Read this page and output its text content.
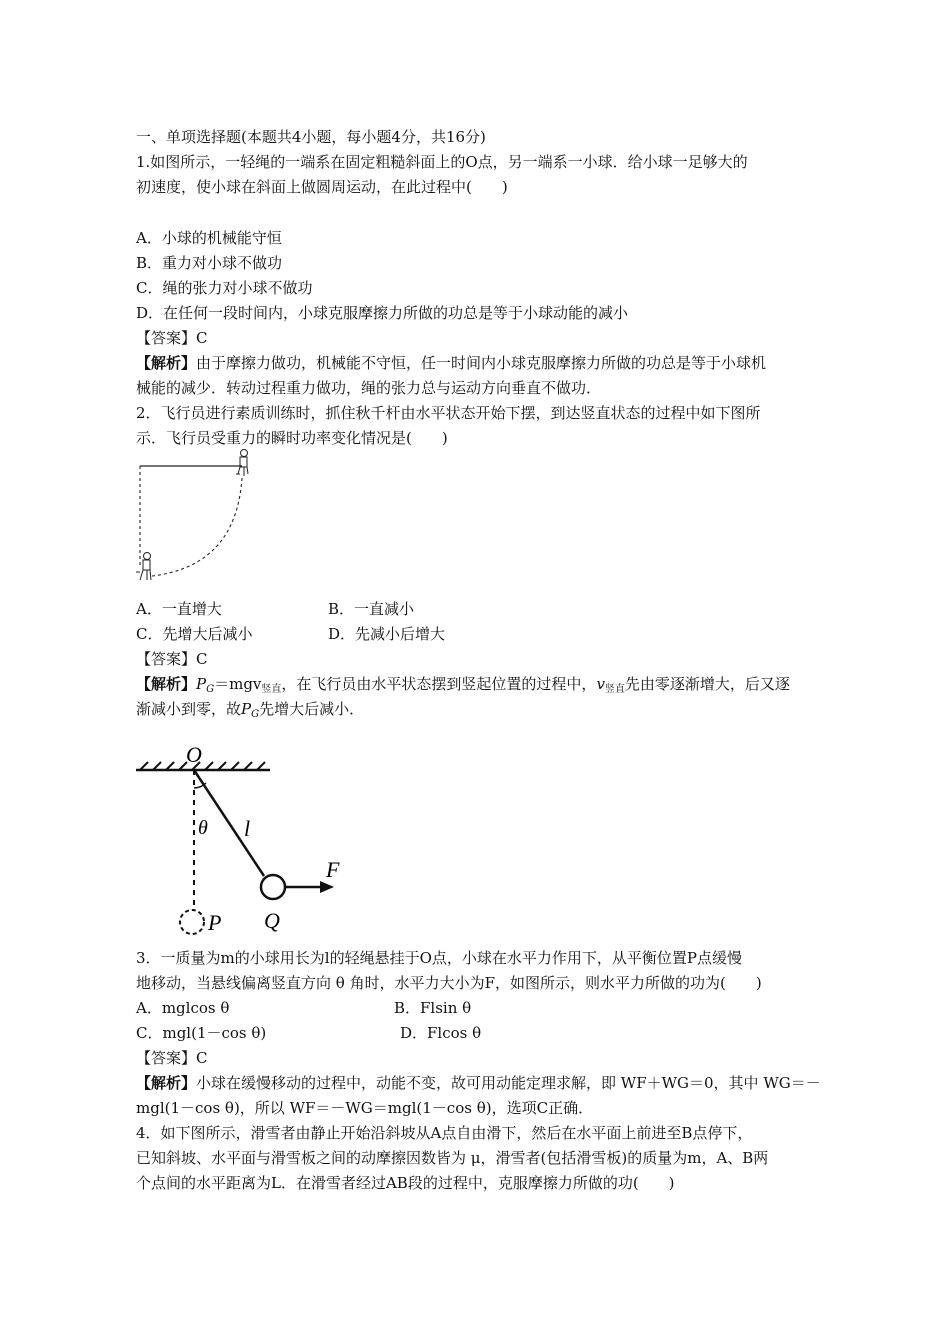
一、单项选择题(本题共4小题，每小题4分，共16分)
1.如图所示，一轻绳的一端系在固定粗糙斜面上的O点，另一端系一小球．给小球一足够大的
初速度，使小球在斜面上做圆周运动，在此过程中(　　)
A．小球的机械能守恒
B．重力对小球不做功
C．绳的张力对小球不做功
D．在任何一段时间内，小球克服摩擦力所做的功总是等于小球动能的减小
【答案】C
【解析】由于摩擦力做功，机械能不守恒，任一时间内小球克服摩擦力所做的功总是等于小球机
械能的减少．转动过程重力做功，绳的张力总与运动方向垂直不做功．
2．飞行员进行素质训练时，抓住秋千杆由水平状态开始下摆，到达竖直状态的过程中如下图所
示．飞行员受重力的瞬时功率变化情况是(　　)
A．一直增大	B．一直减小
C．先增大后减小	D．先减小后增大
【答案】C
【解析】$P_G=mgv_{竖直}$，在飞行员由水平状态摆到竖起位置的过程中，$v_{竖直}$先由零逐渐增大，后又逐
渐减小到零，故$P_G$先增大后减小．
O
θ l
F
P Q
3．一质量为m的小球用长为l的轻绳悬挂于O点，小球在水平力作用下，从平衡位置P点缓慢
地移动，当悬线偏离竖直方向 θ 角时，水平力大小为F，如图所示，则水平力所做的功为(　　)
A．mglcos θ	B．Flsin θ
C．mgl(1－cos θ)	D．Flcos θ
【答案】C
【解析】小球在缓慢移动的过程中，动能不变，故可用动能定理求解，即 WF＋WG＝0，其中 WG＝－
mgl(1－cos θ)，所以 WF＝－WG＝mgl(1－cos θ)，选项C正确．
4．如下图所示，滑雪者由静止开始沿斜坡从A点自由滑下，然后在水平面上前进至B点停下，
已知斜坡、水平面与滑雪板之间的动摩擦因数皆为 μ，滑雪者(包括滑雪板)的质量为m，A、B两
个点间的水平距离为L．在滑雪者经过AB段的过程中，克服摩擦力所做的功(　　)
